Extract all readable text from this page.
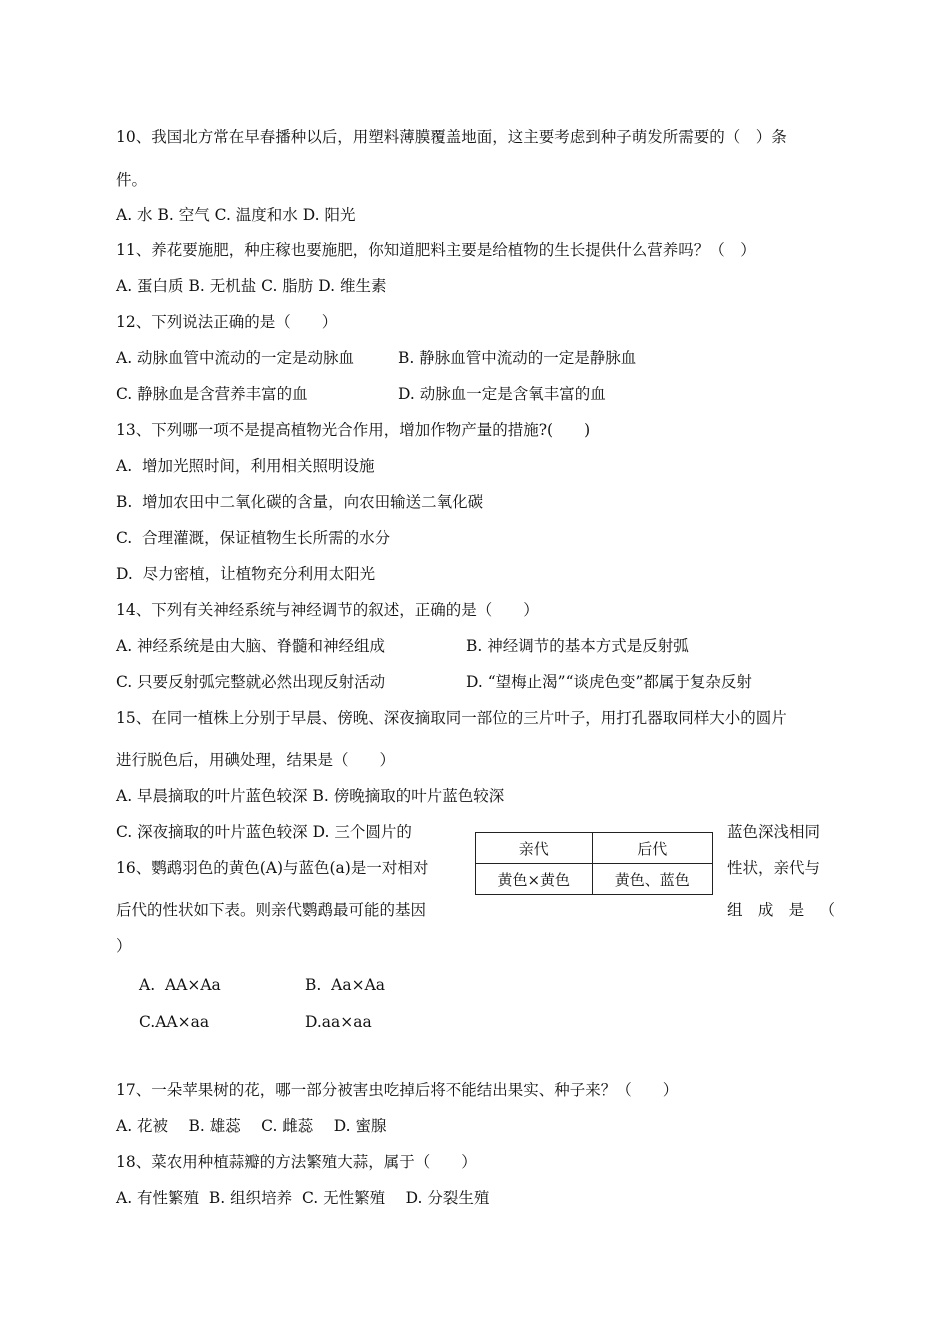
10、我国北方常在早春播种以后，用塑料薄膜覆盖地面，这主要考虑到种子萌发所需要的（　）条
件。
A. 水 B. 空气 C. 温度和水 D. 阳光
11、养花要施肥，种庄稼也要施肥，你知道肥料主要是给植物的生长提供什么营养吗？（　）
A. 蛋白质 B. 无机盐 C. 脂肪 D. 维生素
12、下列说法正确的是（　　）
A. 动脉血管中流动的一定是动脉血	B. 静脉血管中流动的一定是静脉血
C. 静脉血是含营养丰富的血	D. 动脉血一定是含氧丰富的血
13、下列哪一项不是提高植物光合作用，增加作物产量的措施?(　　)
A.  增加光照时间，利用相关照明设施
B.  增加农田中二氧化碳的含量，向农田输送二氧化碳
C.  合理灌溉，保证植物生长所需的水分
D.  尽力密植，让植物充分利用太阳光
14、下列有关神经系统与神经调节的叙述，正确的是（　　）
A. 神经系统是由大脑、脊髓和神经组成	B. 神经调节的基本方式是反射弧
C. 只要反射弧完整就必然出现反射活动	D. “望梅止渴”“谈虎色变”都属于复杂反射
15、在同一植株上分别于早晨、傍晚、深夜摘取同一部位的三片叶子，用打孔器取同样大小的圆片
进行脱色后，用碘处理，结果是（　　）
A. 早晨摘取的叶片蓝色较深 B. 傍晚摘取的叶片蓝色较深
C. 深夜摘取的叶片蓝色较深 D. 三个圆片的	蓝色深浅相同
16、鹦鹉羽色的黄色(A)与蓝色(a)是一对相对	性状，亲代与
后代的性状如下表。则亲代鹦鹉最可能的基因	组 成 是 （
）
亲代	后代
黄色×黄色	黄色、蓝色
A.  AA×Aa	B.  Aa×Aa
C.AA×aa	D.aa×aa
17、一朵苹果树的花，哪一部分被害虫吃掉后将不能结出果实、种子来？（　　）
A. 花被　 B. 雄蕊　 C. 雌蕊　 D. 蜜腺
18、菜农用种植蒜瓣的方法繁殖大蒜，属于（　　）
A. 有性繁殖  B. 组织培养  C. 无性繁殖　 D. 分裂生殖
